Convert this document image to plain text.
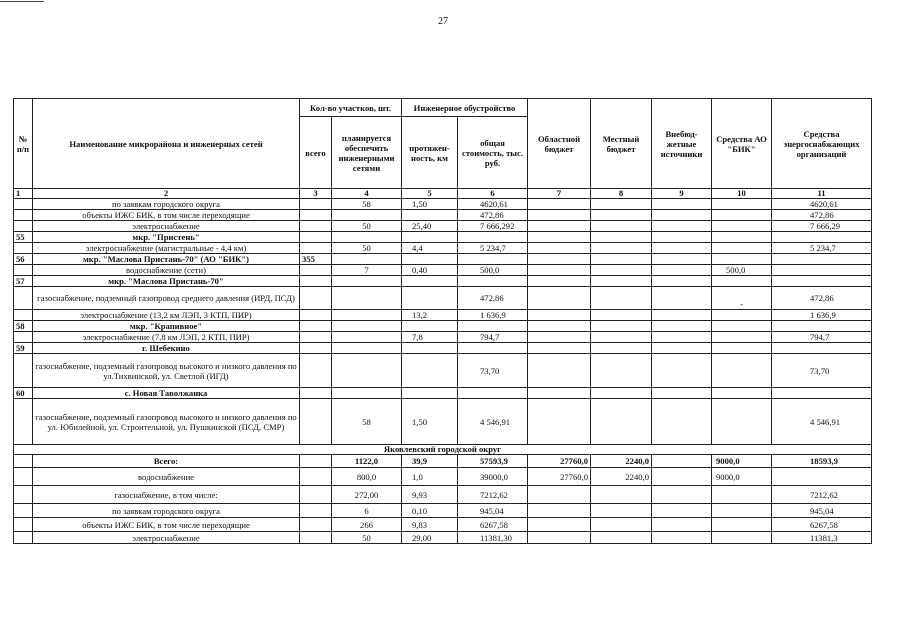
27
№ п/п	Наименование микрорайона и инженерных сетей	Кол-во участков, шт.		Инженерное обустройство		Областной бюджет	Местный бюджет	Внебюд-жетные источники	Средства АО "БИК"	Средства энергоснабжающих организаций
		всего	планируется обеспечить инженерными сетями	протяжен-ность, км	общая стоимость, тыс. руб.					
1	2	3	4	5	6	7	8	9	10	11
	по заявкам городского округа		58	1,50	4620,61					4620,61
	объекты ИЖС БИК, в том числе переходящие				472,86					472,86
	электроснабжение		50	25,40	7 666,292					7 666,29
55	мкр. "Пристень"									
	электроснабжение (магистральные - 4,4 км)		50	4,4	5 234,7					5 234,7
56	мкр. "Маслова Пристань-70" (АО "БИК")	355								
	водоснабжение (сети)		7	0,40	500,0				500,0	
57	мкр. "Маслова Пристань-70"									
	газоснабжение, подземный газопровод среднего давления (ИРД, ПСД)				472,86				-	472,86
	электроснабжение (13,2 км ЛЭП, 3 КТП, ПИР)			13,2	1 636,9					1 636,9
58	мкр. "Крапивное"									
	электроснабжение (7,8 км ЛЭП, 2 КТП, ПИР)			7,8	794,7					794,7
59	г. Шебекино									
	газоснабжение, подземный газопровод высокого и низкого давления по ул.Тихвинской, ул. Светлой (ИГД)				73,70					73,70
60	с. Новая Таволжанка									
	газоснабжение, подземный газопровод высокого и низкого давления по ул. Юбилейной, ул. Строительной, ул. Пушкинской (ПСД, СМР)		58	1,50	4 546,91					4 546,91
Яковлевский городской округ										
	Всего:		1122,0	39,9	57593,9	27760,0	2240,0		9000,0	18593,9
	водоснабжение		800,0	1,0	39000,0	27760,0	2240,0		9000,0	
	газоснабжение, в том числе:		272,00	9,93	7212,62					7212,62
	по заявкам городского округа		6	0,10	945,04					945,04
	объекты ИЖС БИК, в том числе переходящие		266	9,83	6267,58					6267,58
	электроснабжение		50	29,00	11381,30					11381,3
